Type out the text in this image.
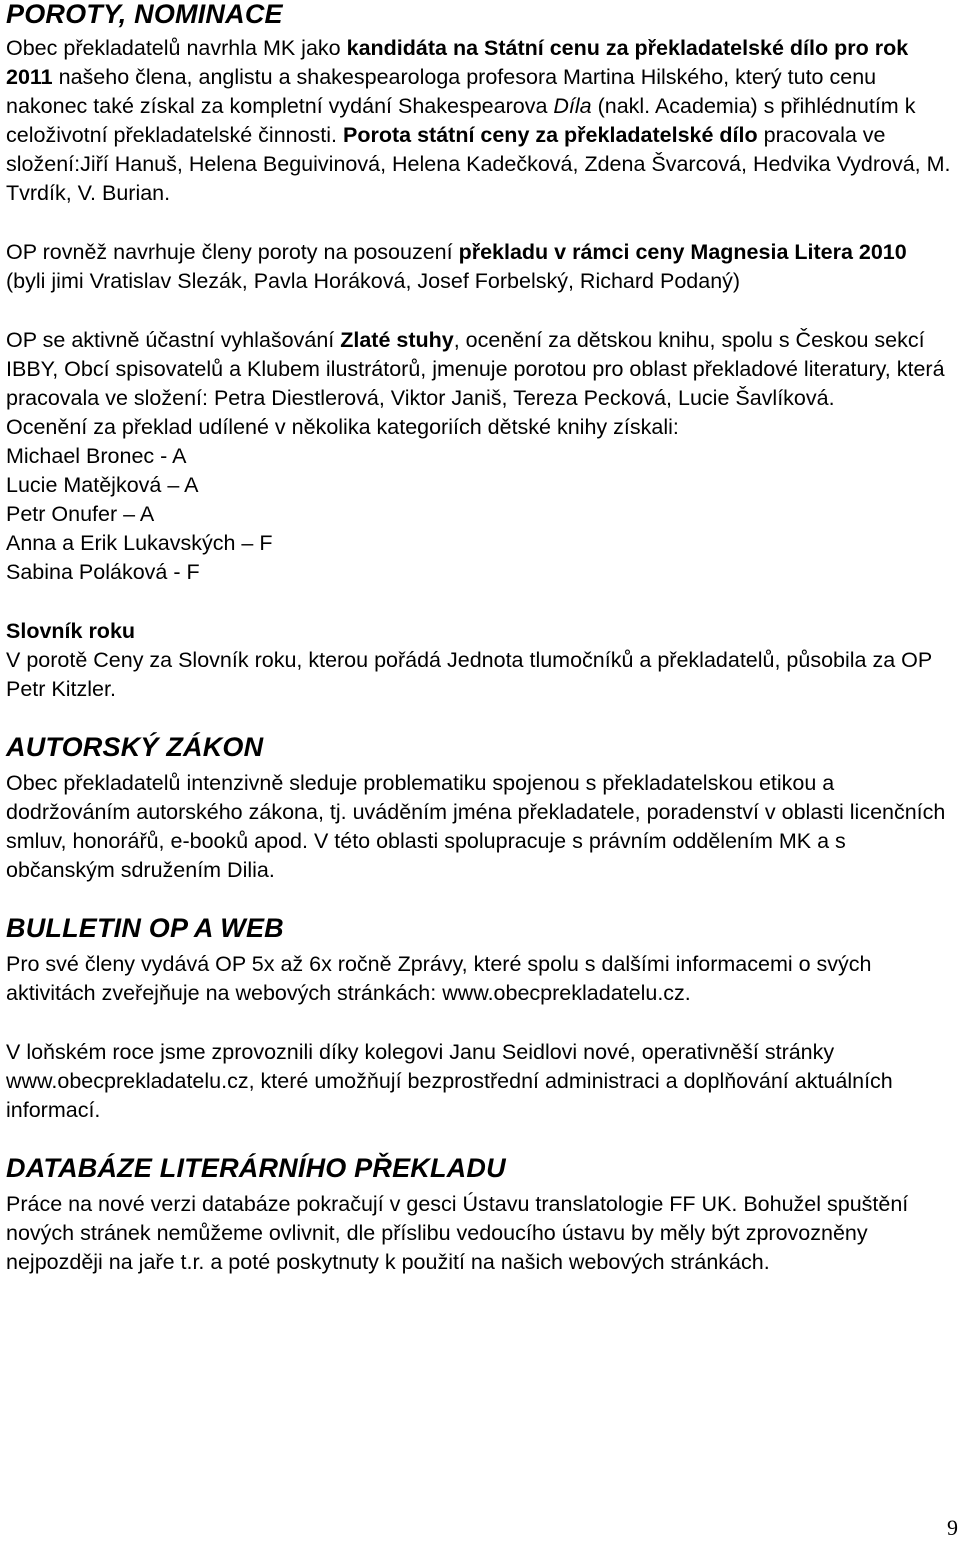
POROTY, NOMINACE

Obec překladatelů navrhla MK jako kandidáta na Státní cenu za překladatelské dílo pro rok 2011 našeho člena, anglistu a shakespearologa profesora Martina Hilského, který tuto cenu nakonec také získal za kompletní vydání Shakespearova Díla (nakl. Academia) s přihlédnutím k celoživotní překladatelské činnosti. Porota státní ceny za překladatelské dílo pracovala ve složení:Jiří Hanuš, Helena Beguivinová, Helena Kadečková, Zdena Švarcová, Hedvika Vydrová, M. Tvrdík, V. Burian.

OP rovněž navrhuje členy poroty na posouzení překladu v rámci ceny Magnesia Litera 2010 (byli jimi Vratislav Slezák, Pavla Horáková, Josef Forbelský, Richard Podaný)

OP se aktivně účastní vyhlašování Zlaté stuhy, ocenění za dětskou knihu, spolu s Českou sekcí IBBY, Obcí spisovatelů a Klubem ilustrátorů, jmenuje porotou pro oblast překladové literatury, která pracovala ve složení: Petra Diestlerová, Viktor Janiš, Tereza Pecková, Lucie Šavlíková.

Ocenění za překlad udílené v několika kategoriích dětské knihy získali:

Michael Bronec - A
Lucie Matějková – A
Petr Onufer – A
Anna a Erik Lukavských – F
Sabina Poláková - F

Slovník roku

V porotě Ceny za Slovník roku, kterou pořádá Jednota tlumočníků a překladatelů, působila za OP Petr Kitzler.

AUTORSKÝ ZÁKON

Obec překladatelů intenzivně sleduje problematiku spojenou s překladatelskou etikou a dodržováním autorského zákona, tj. uváděním jména překladatele, poradenství v oblasti licenčních smluv, honorářů, e-booků apod. V této oblasti spolupracuje s právním oddělením MK a s občanským sdružením Dilia.

BULLETIN OP A WEB

Pro své členy vydává OP 5x až 6x ročně Zprávy, které spolu s dalšími informacemi o svých aktivitách zveřejňuje na webových stránkách: www.obecprekladatelu.cz.

V loňském roce jsme zprovoznili díky kolegovi Janu Seidlovi nové, operativněší stránky www.obecprekladatelu.cz, které umožňují bezprostřední administraci a doplňování aktuálních informací.

DATABÁZE LITERÁRNÍHO PŘEKLADU

Práce na nové verzi databáze pokračují v gesci Ústavu translatologie FF UK. Bohužel spuštění nových stránek nemůžeme ovlivnit, dle příslibu vedoucího ústavu by měly být zprovozněny nejpozději na jaře t.r. a poté poskytnuty k použití na našich webových stránkách.

9
